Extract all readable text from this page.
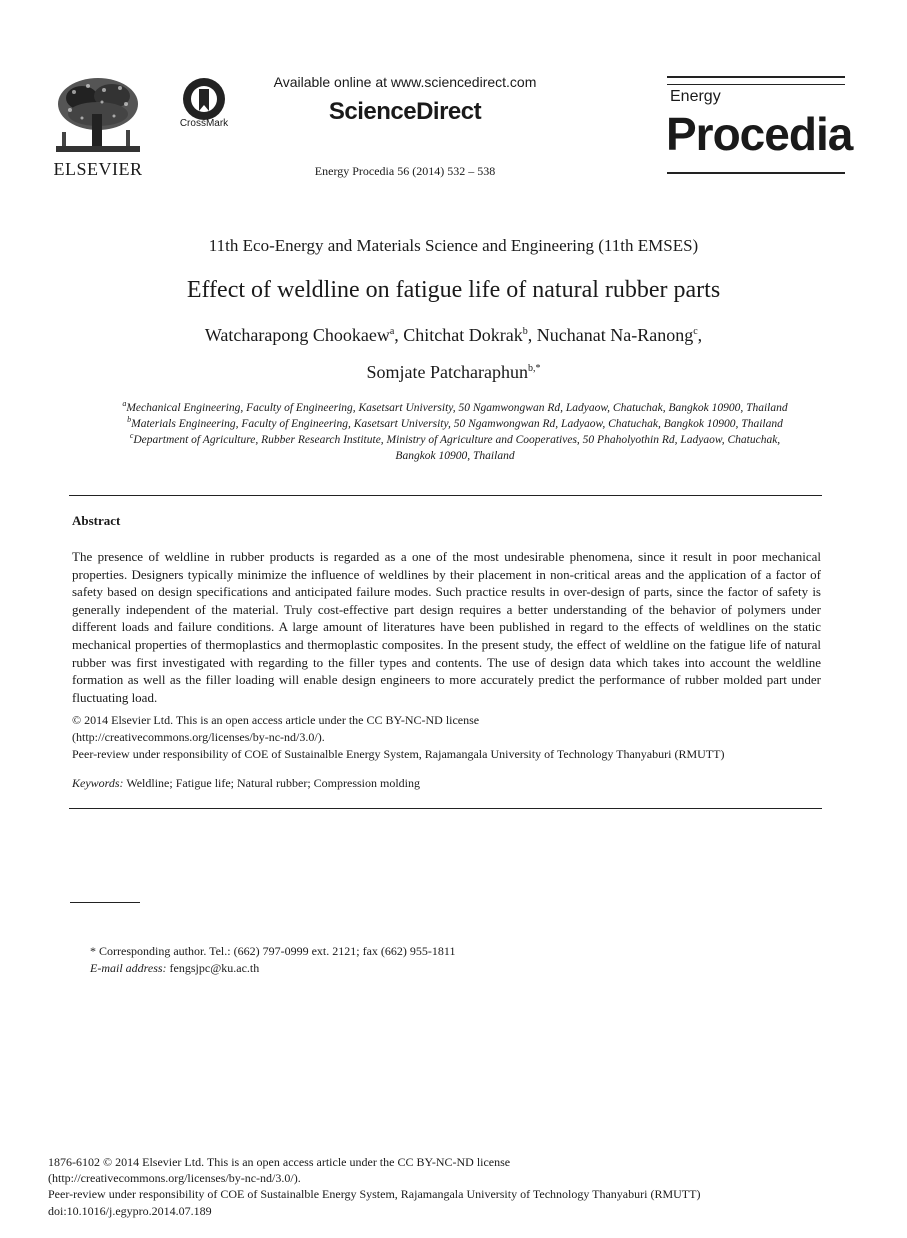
ELSEVIER
CrossMark
Available online at www.sciencedirect.com
ScienceDirect
Energy Procedia 56 (2014) 532 – 538
Energy
Procedia
11th Eco-Energy and Materials Science and Engineering (11th EMSES)
Effect of weldline on fatigue life of natural rubber parts
Watcharapong Chookaew$^a$, Chitchat Dokrak$^b$, Nuchanat Na-Ranong$^c$,
Somjate Patcharaphun$^{b,*}$
$^a$Mechanical Engineering, Faculty of Engineering, Kasetsart University, 50 Ngamwongwan Rd, Ladyaow, Chatuchak, Bangkok 10900, Thailand
$^b$Materials Engineering, Faculty of Engineering, Kasetsart University, 50 Ngamwongwan Rd, Ladyaow, Chatuchak, Bangkok 10900, Thailand
$^c$Department of Agriculture, Rubber Research Institute, Ministry of Agriculture and Cooperatives, 50 Phaholyothin Rd, Ladyaow, Chatuchak,
Bangkok 10900, Thailand
Abstract
The presence of weldline in rubber products is regarded as a one of the most undesirable phenomena, since it result in poor mechanical properties. Designers typically minimize the influence of weldlines by their placement in non-critical areas and the application of a factor of safety based on design specifications and anticipated failure modes. Such practice results in over-design of parts, since the factor of safety is generally independent of the material. Truly cost-effective part design requires a better understanding of the behavior of polymers under different loads and failure conditions. A large amount of literatures have been published in regard to the effects of weldlines on the static mechanical properties of thermoplastics and thermoplastic composites. In the present study, the effect of weldline on the fatigue life of natural rubber was first investigated with regarding to the filler types and contents. The use of design data which takes into account the weldline formation as well as the filler loading will enable design engineers to more accurately predict the performance of rubber molded part under fluctuating load.
© 2014 Elsevier Ltd. This is an open access article under the CC BY-NC-ND license
(http://creativecommons.org/licenses/by-nc-nd/3.0/).
Peer-review under responsibility of COE of Sustainalble Energy System, Rajamangala University of Technology Thanyaburi (RMUTT)
Keywords: Weldline; Fatigue life; Natural rubber; Compression molding
* Corresponding author. Tel.: (662) 797-0999 ext. 2121; fax (662) 955-1811
E-mail address: fengsjpc@ku.ac.th
1876-6102 © 2014 Elsevier Ltd. This is an open access article under the CC BY-NC-ND license
(http://creativecommons.org/licenses/by-nc-nd/3.0/).
Peer-review under responsibility of COE of Sustainalble Energy System, Rajamangala University of Technology Thanyaburi (RMUTT)
doi:10.1016/j.egypro.2014.07.189
